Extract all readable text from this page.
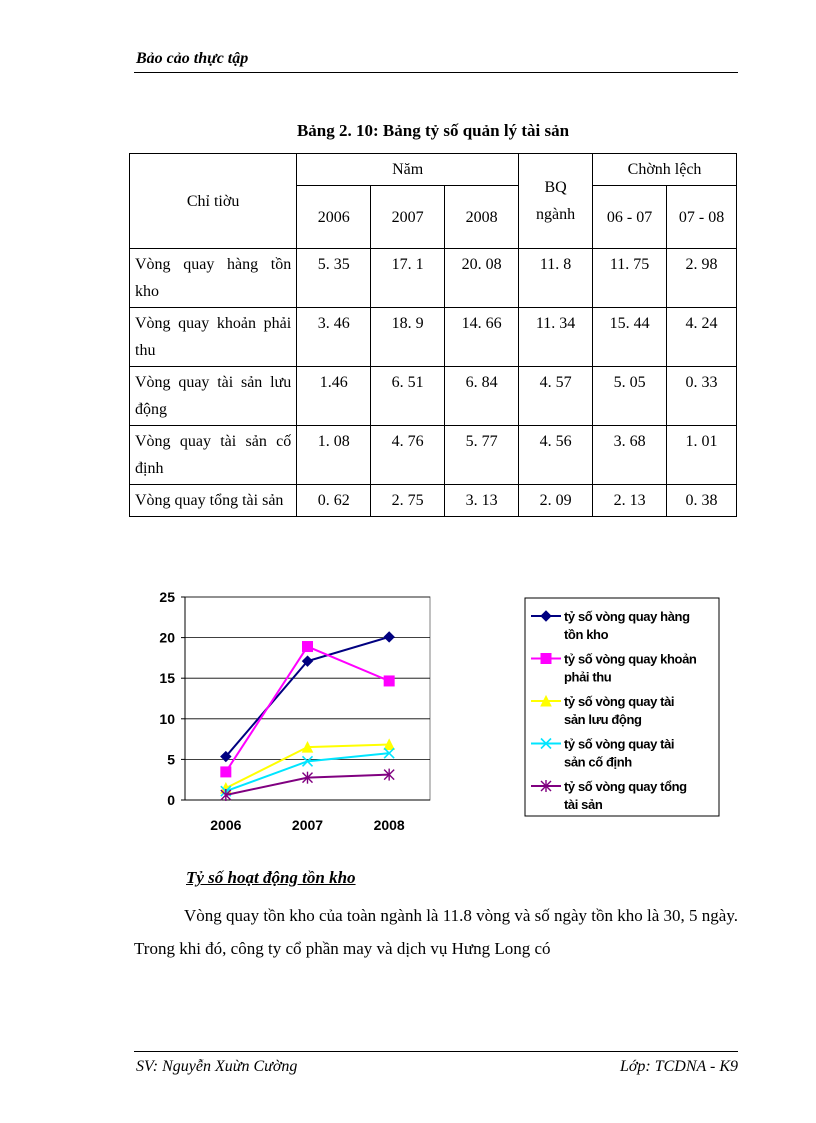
Bảo cảo thực tập
Bảng 2. 10: Bảng tỷ số quản lý tài sản
Chỉ tiờu	Năm			BQ ngành	Chờnh lệch	
	2006	2007	2008		06 - 07	07 - 08
Vòng quay hàng tồn kho	5. 35	17. 1	20. 08	11. 8	11. 75	2. 98
Vòng quay khoản phải thu	3. 46	18. 9	14. 66	11. 34	15. 44	4. 24
Vòng quay tài sản lưu động	1.46	6. 51	6. 84	4. 57	5. 05	0. 33
Vòng quay tài sản cố định	1. 08	4. 76	5. 77	4. 56	3. 68	1. 01
Vòng quay tổng tài sản	0. 62	2. 75	3. 13	2. 09	2. 13	0. 38
0
5
10
15
20
25
2006	2007	2008
tỷ số vòng quay hàng tồn kho
tỷ số vòng quay khoản phải thu
tỷ số vòng quay tài sản lưu động
tỷ số vòng quay tài sản cố định
tỷ số vòng quay tổng tài sản
Tỷ số hoạt động tồn kho
Vòng quay tồn kho của toàn ngành là 11.8 vòng và số ngày tồn kho là 30, 5 ngày. Trong khi đó, công ty cổ phần may và dịch vụ Hưng Long có
SV: Nguyễn Xuừn Cường	Lớp: TCDNA - K9
